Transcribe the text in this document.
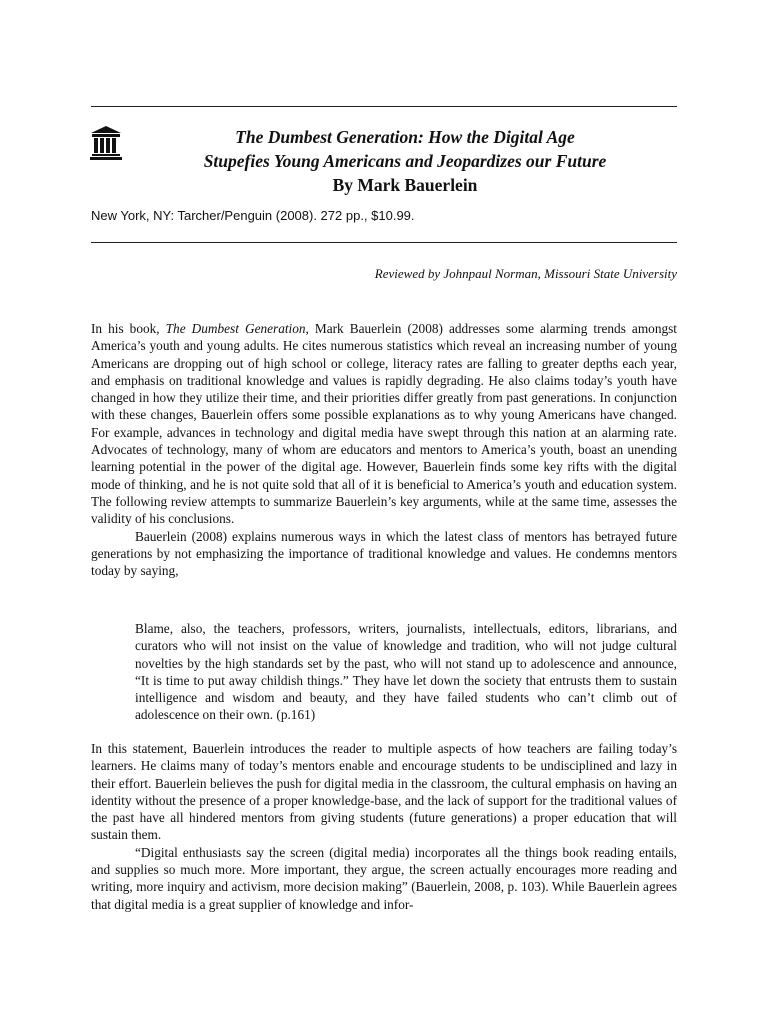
The Dumbest Generation: How the Digital Age
Stupefies Young Americans and Jeopardizes our Future
By Mark Bauerlein
New York, NY: Tarcher/Penguin (2008). 272 pp., $10.99.
Reviewed by Johnpaul Norman, Missouri State University

In his book, The Dumbest Generation, Mark Bauerlein (2008) addresses some alarming trends amongst America’s youth and young adults. He cites numerous statistics which reveal an increasing number of young Americans are dropping out of high school or college, literacy rates are falling to greater depths each year, and emphasis on traditional knowledge and values is rapidly degrading. He also claims today’s youth have changed in how they utilize their time, and their priorities differ greatly from past generations. In conjunction with these changes, Bauerlein offers some possible explanations as to why young Americans have changed. For example, advances in technology and digital media have swept through this nation at an alarming rate. Advocates of technology, many of whom are educators and mentors to America’s youth, boast an unending learning potential in the power of the digital age. However, Bauerlein finds some key rifts with the digital mode of thinking, and he is not quite sold that all of it is beneficial to America’s youth and education system. The following review attempts to summarize Bauerlein’s key arguments, while at the same time, assesses the validity of his conclusions.

Bauerlein (2008) explains numerous ways in which the latest class of mentors has betrayed future generations by not emphasizing the importance of traditional knowledge and values. He condemns mentors today by saying,

Blame, also, the teachers, professors, writers, journalists, intellectuals, editors, librarians, and curators who will not insist on the value of knowledge and tradition, who will not judge cultural novelties by the high standards set by the past, who will not stand up to adolescence and announce, “It is time to put away childish things.” They have let down the society that entrusts them to sustain intelligence and wisdom and beauty, and they have failed students who can’t climb out of adolescence on their own. (p.161)

In this statement, Bauerlein introduces the reader to multiple aspects of how teachers are failing today’s learners. He claims many of today’s mentors enable and encourage students to be undisciplined and lazy in their effort. Bauerlein believes the push for digital media in the classroom, the cultural emphasis on having an identity without the presence of a proper knowledge-base, and the lack of support for the traditional values of the past have all hindered mentors from giving students (future generations) a proper education that will sustain them.

“Digital enthusiasts say the screen (digital media) incorporates all the things book reading entails, and supplies so much more. More important, they argue, the screen actually encourages more reading and writing, more inquiry and activism, more decision making” (Bauerlein, 2008, p. 103). While Bauerlein agrees that digital media is a great supplier of knowledge and infor-
